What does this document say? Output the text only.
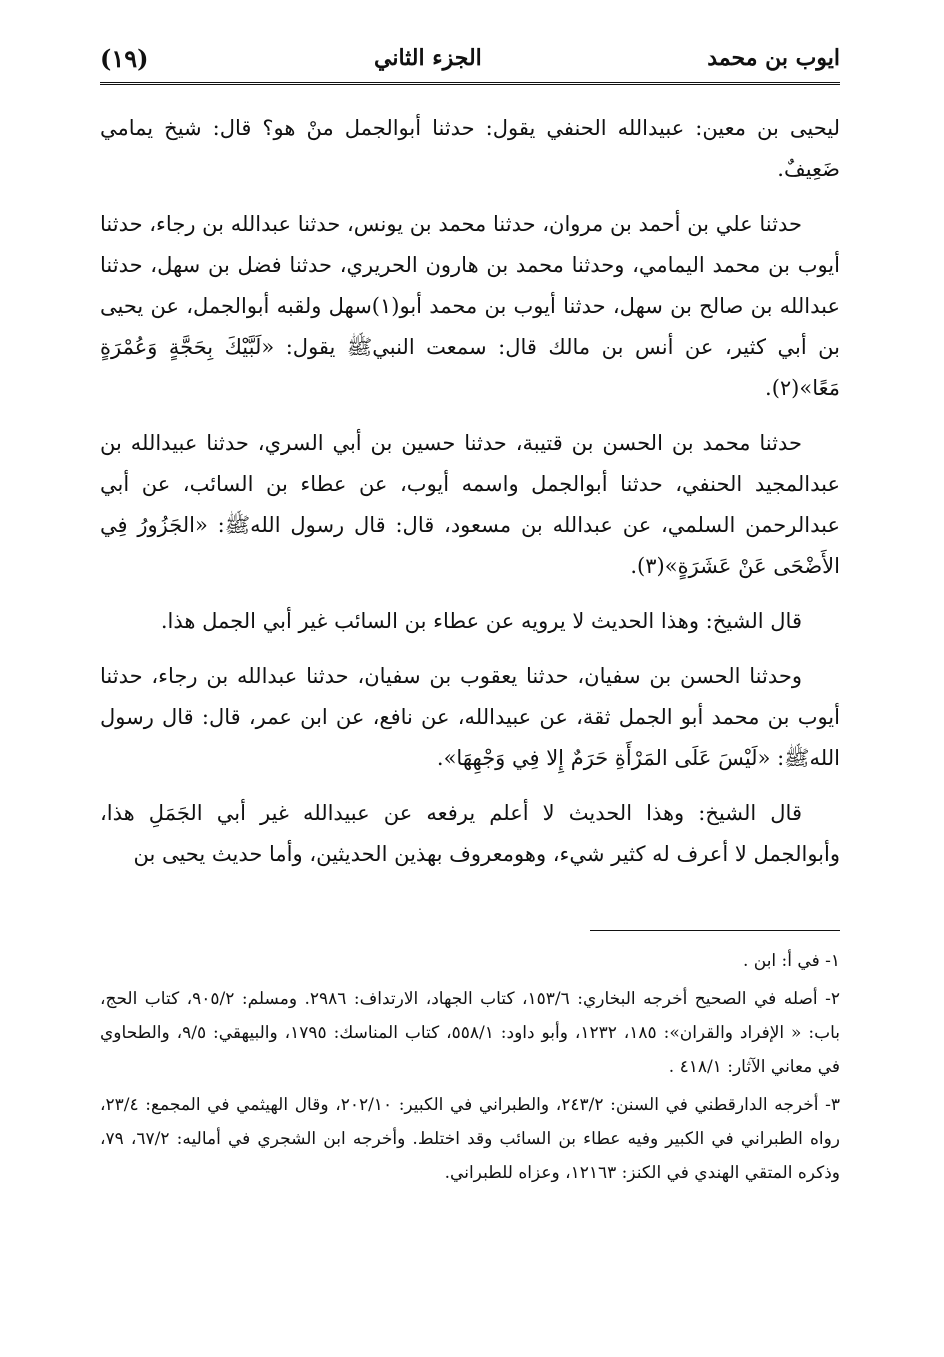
ايوب بن محمد
الجزء الثاني
(١٩)

ليحيى بن معين: عبيدالله الحنفي يقول: حدثنا أبوالجمل منْ هو؟ قال: شيخ يمامي ضَعِيفٌ.

حدثنا علي بن أحمد بن مروان، حدثنا محمد بن يونس، حدثنا عبدالله بن رجاء، حدثنا أيوب بن محمد اليمامي، وحدثنا محمد بن هارون الحريري، حدثنا فضل بن سهل، حدثنا عبدالله بن صالح بن سهل، حدثنا أيوب بن محمد أبو(١)سهل ولقبه أبوالجمل، عن يحيى بن أبي كثير، عن أنس بن مالك قال: سمعت النبيﷺ يقول: «لَبَّيْكَ بِحَجَّةٍ وَعُمْرَةٍ مَعًا»(٢).

حدثنا محمد بن الحسن بن قتيبة، حدثنا حسين بن أبي السري، حدثنا عبيدالله بن عبدالمجيد الحنفي، حدثنا أبوالجمل واسمه أيوب، عن عطاء بن السائب، عن أبي عبدالرحمن السلمي، عن عبدالله بن مسعود، قال: قال رسول اللهﷺ: «الجَزُورُ فِي الأَضْحَى عَنْ عَشَرَةٍ»(٣).

قال الشيخ: وهذا الحديث لا يرويه عن عطاء بن السائب غير أبي الجمل هذا.

وحدثنا الحسن بن سفيان، حدثنا يعقوب بن سفيان، حدثنا عبدالله بن رجاء، حدثنا أيوب بن محمد أبو الجمل ثقة، عن عبيدالله، عن نافع، عن ابن عمر، قال: قال رسول اللهﷺ: «لَيْسَ عَلَى المَرْأَةِ حَرَمٌ إِلا فِي وَجْهِهَا».

قال الشيخ: وهذا الحديث لا أعلم يرفعه عن عبيدالله غير أبي الجَمَلِ هذا، وأبوالجمل لا أعرف له كثير شيء، وهومعروف بهذين الحديثين، وأما حديث يحيى بن

١- في أ: ابن .

٢- أصله في الصحيح أخرجه البخاري: ١٥٣/٦، كتاب الجهاد، الارتداف: ٢٩٨٦. ومسلم: ٩٠٥/٢، كتاب الحج، باب: « الإفراد والقران»: ١٨٥، ١٢٣٢، وأبو داود: ٥٥٨/١، كتاب المناسك: ١٧٩٥، والبيهقي: ٩/٥، والطحاوي في معاني الآثار: ٤١٨/١ .

٣- أخرجه الدارقطني في السنن: ٢٤٣/٢، والطبراني في الكبير: ٢٠٢/١٠، وقال الهيثمي في المجمع: ٢٣/٤، رواه الطبراني في الكبير وفيه عطاء بن السائب وقد اختلط. وأخرجه ابن الشجري في أماليه: ٦٧/٢، ٧٩، وذكره المتقي الهندي في الكنز: ١٢١٦٣، وعزاه للطبراني.
